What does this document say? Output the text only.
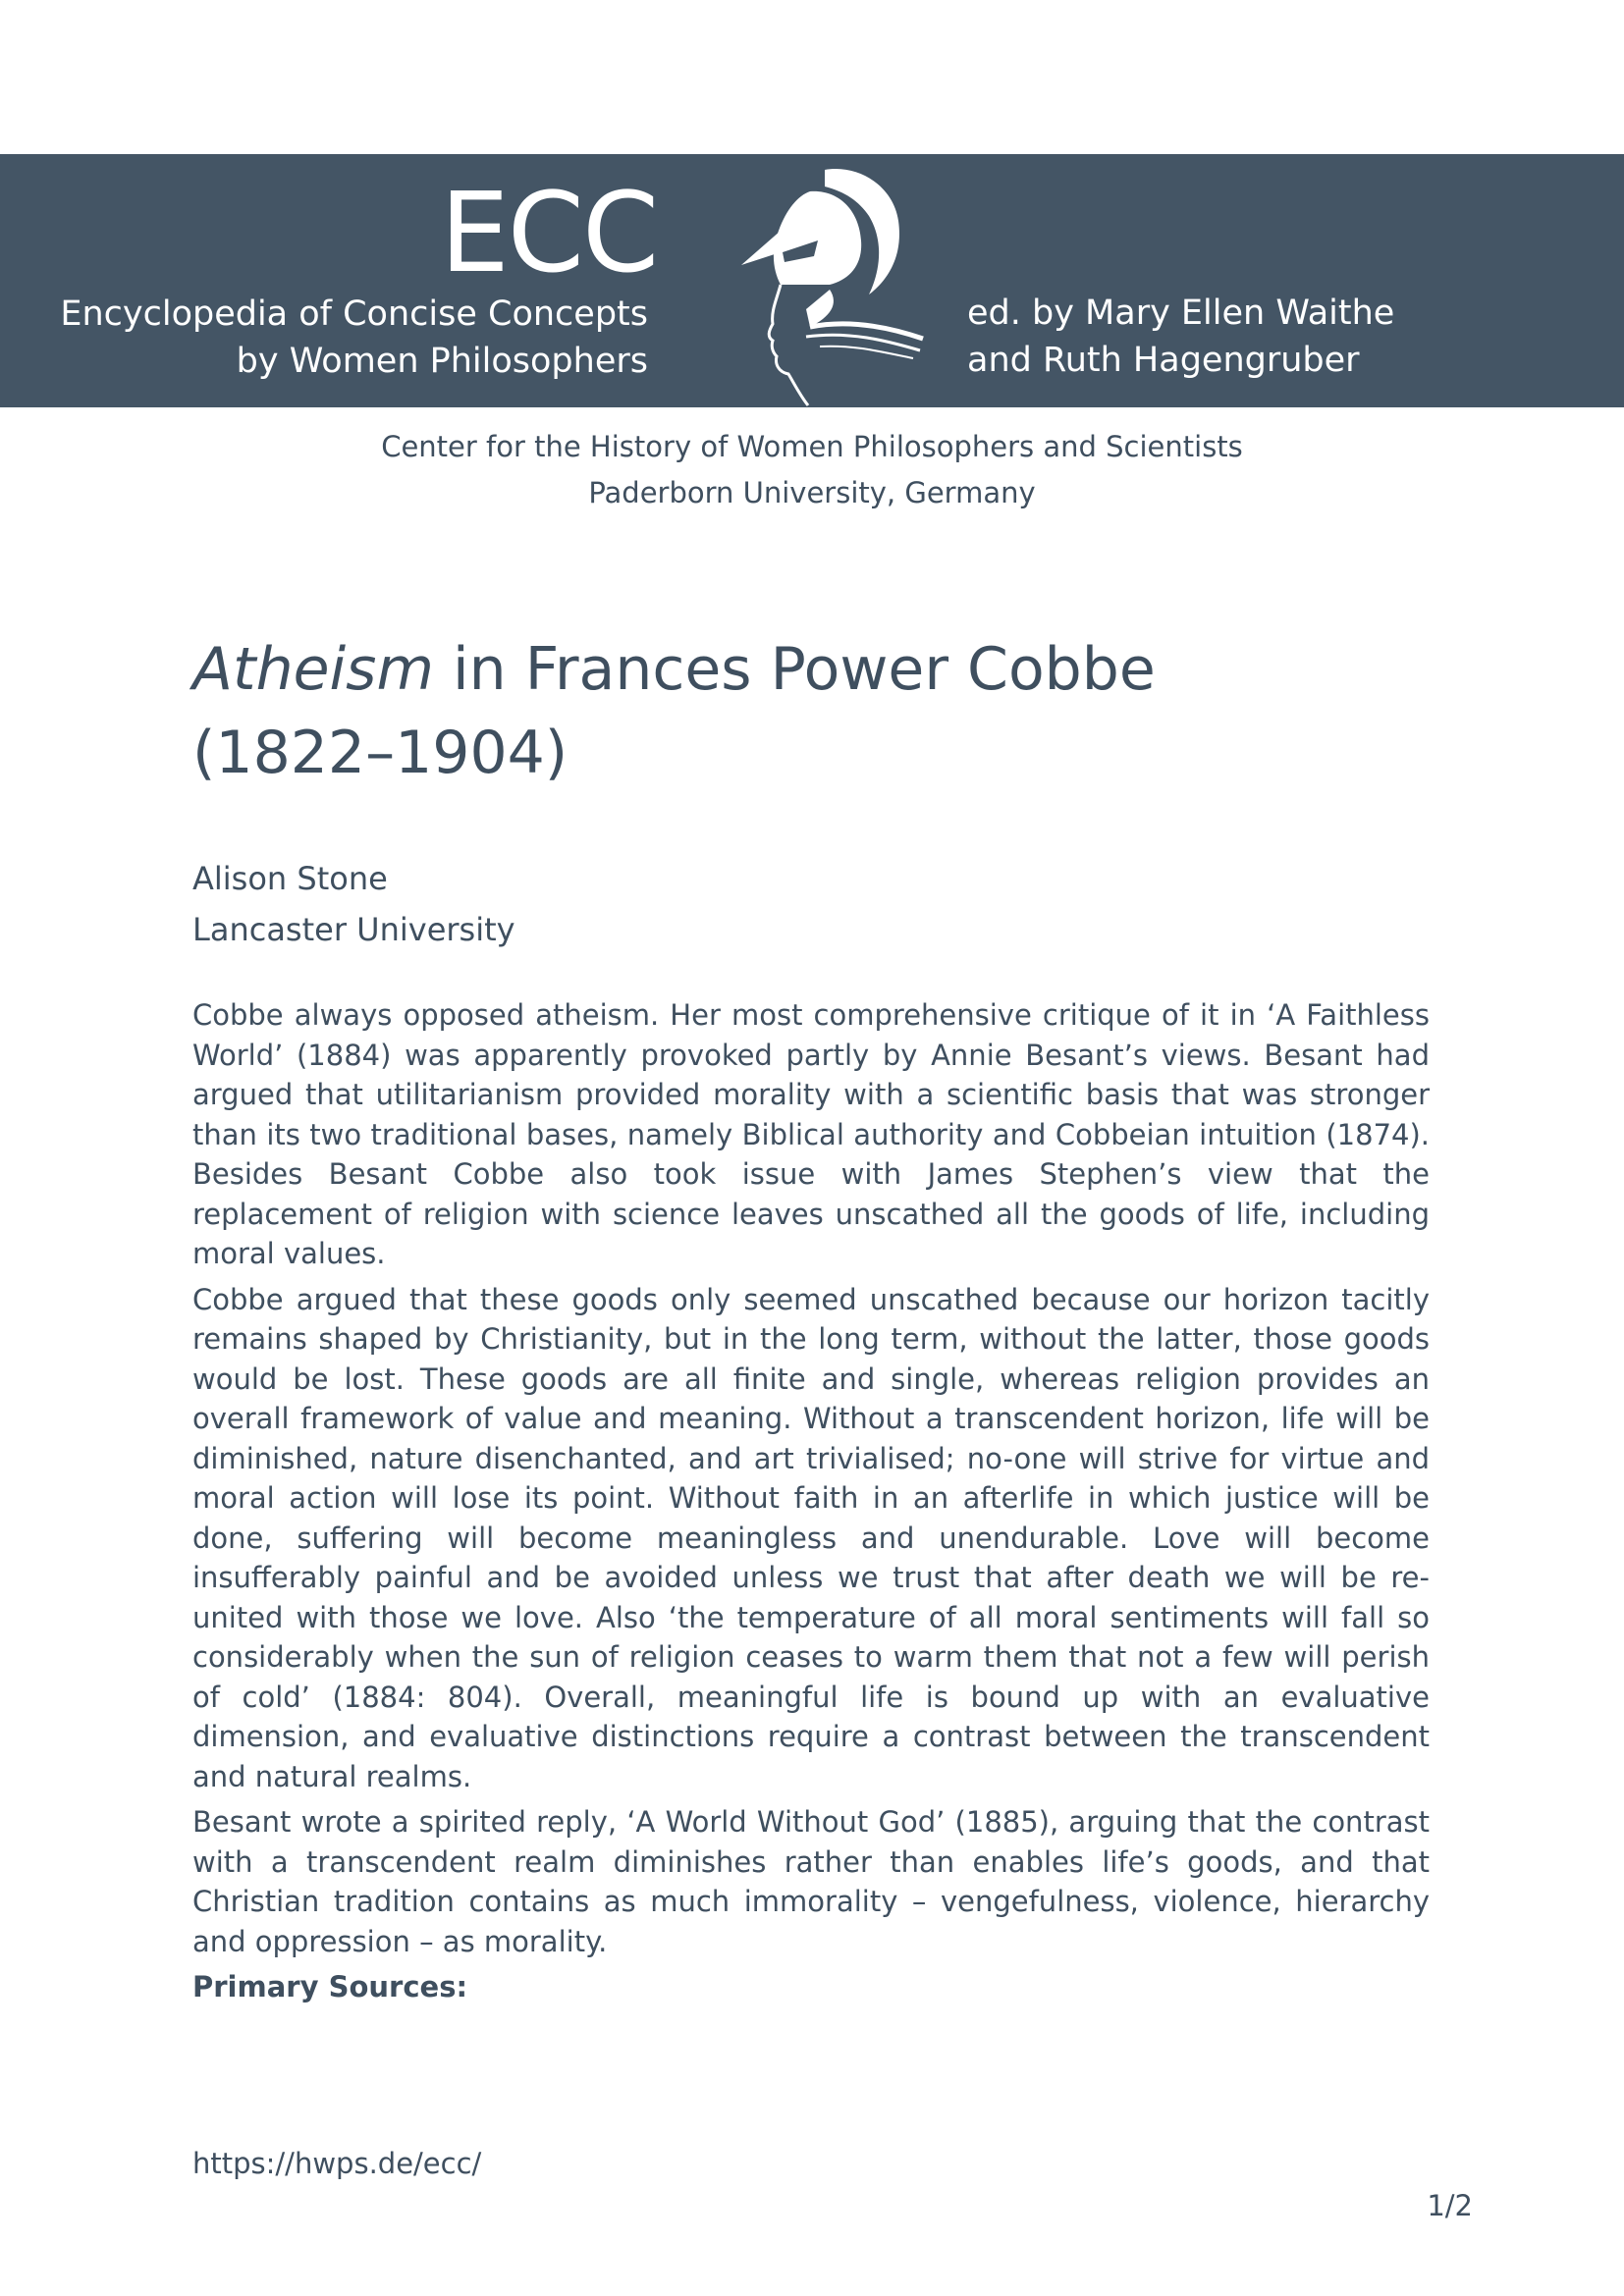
ECC
Encyclopedia of Concise Concepts
by Women Philosophers
ed. by Mary Ellen Waithe
and Ruth Hagengruber
Center for the History of Women Philosophers and Scientists
Paderborn University, Germany
Atheism in Frances Power Cobbe
(1822–1904)
Alison Stone
Lancaster University

Cobbe always opposed atheism. Her most comprehensive critique of it in ‘A Faithless World’ (1884) was apparently provoked partly by Annie Besant’s views. Besant had argued that utilitarianism provided morality with a scientific basis that was stronger than its two traditional bases, namely Biblical authority and Cobbeian intuition (1874). Besides Besant Cobbe also took issue with James Stephen’s view that the replacement of religion with science leaves unscathed all the goods of life, including moral values.

Cobbe argued that these goods only seemed unscathed because our horizon tacitly remains shaped by Christianity, but in the long term, without the latter, those goods would be lost. These goods are all finite and single, whereas religion provides an overall framework of value and meaning. Without a transcendent horizon, life will be diminished, nature disenchanted, and art trivialised; no-one will strive for virtue and moral action will lose its point. Without faith in an afterlife in which justice will be done, suffering will become meaningless and unendurable. Love will become insufferably painful and be avoided unless we trust that after death we will be re-united with those we love. Also ‘the temperature of all moral sentiments will fall so considerably when the sun of religion ceases to warm them that not a few will perish of cold’ (1884: 804). Overall, meaningful life is bound up with an evaluative dimension, and evaluative distinctions require a contrast between the transcendent and natural realms.

Besant wrote a spirited reply, ‘A World Without God’ (1885), arguing that the contrast with a transcendent realm diminishes rather than enables life’s goods, and that Christian tradition contains as much immorality – vengefulness, violence, hierarchy and oppression – as morality.

Primary Sources:
https://hwps.de/ecc/
1/2
